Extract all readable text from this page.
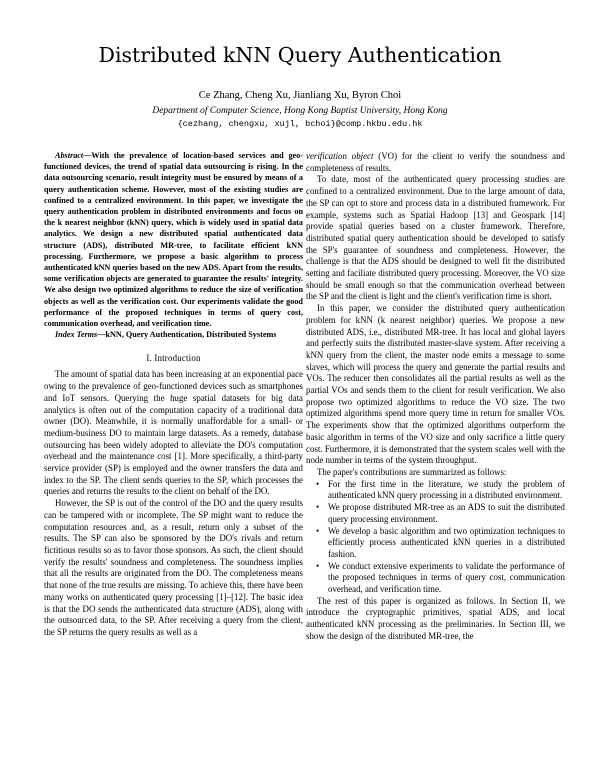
Distributed kNN Query Authentication
Ce Zhang, Cheng Xu, Jianliang Xu, Byron Choi
Department of Computer Science, Hong Kong Baptist University, Hong Kong
{cezhang, chengxu, xujl, bchoi}@comp.hkbu.edu.hk

Abstract—With the prevalence of location-based services and geo-functioned devices, the trend of spatial data outsourcing is rising. In the data outsourcing scenario, result integrity must be ensured by means of a query authentication scheme. However, most of the existing studies are confined to a centralized environment. In this paper, we investigate the query authentication problem in distributed environments and focus on the k nearest neighbor (kNN) query, which is widely used in spatial data analytics. We design a new distributed spatial authenticated data structure (ADS), distributed MR-tree, to facilitate efficient kNN processing. Furthermore, we propose a basic algorithm to process authenticated kNN queries based on the new ADS. Apart from the results, some verification objects are generated to guarantee the results' integrity. We also design two optimized algorithms to reduce the size of verification objects as well as the verification cost. Our experiments validate the good performance of the proposed techniques in terms of query cost, communication overhead, and verification time.

Index Terms—kNN, Query Authentication, Distributed Systems

I. Introduction

The amount of spatial data has been increasing at an exponential pace owing to the prevalence of geo-functioned devices such as smartphones and IoT sensors. Querying the huge spatial datasets for big data analytics is often out of the computation capacity of a traditional data owner (DO). Meanwhile, it is normally unaffordable for a small- or medium-business DO to maintain large datasets. As a remedy, database outsourcing has been widely adopted to alleviate the DO's computation overhead and the maintenance cost [1]. More specifically, a third-party service provider (SP) is employed and the owner transfers the data and index to the SP. The client sends queries to the SP, which processes the queries and returns the results to the client on behalf of the DO.

However, the SP is out of the control of the DO and the query results can be tampered with or incomplete. The SP might want to reduce the computation resources and, as a result, return only a subset of the results. The SP can also be sponsored by the DO's rivals and return fictitious results so as to favor those sponsors. As such, the client should verify the results' soundness and completeness. The soundness implies that all the results are originated from the DO. The completeness means that none of the true results are missing. To achieve this, there have been many works on authenticated query processing [1]–[12]. The basic idea is that the DO sends the authenticated data structure (ADS), along with the outsourced data, to the SP. After receiving a query from the client, the SP returns the query results as well as a

verification object (VO) for the client to verify the soundness and completeness of results.

To date, most of the authenticated query processing studies are confined to a centralized environment. Due to the large amount of data, the SP can opt to store and process data in a distributed framework. For example, systems such as Spatial Hadoop [13] and Geospark [14] provide spatial queries based on a cluster framework. Therefore, distributed spatial query authentication should be developed to satisfy the SP's guarantee of soundness and completeness. However, the challenge is that the ADS should be designed to well fit the distributed setting and faciliate distributed query processing. Moreover, the VO size should be small enough so that the communication overhead between the SP and the client is light and the client's verification time is short.

In this paper, we consider the distributed query authentication problem for kNN (k nearest neighbor) queries. We propose a new distributed ADS, i.e., distributed MR-tree. It has local and global layers and perfectly suits the distributed master-slave system. After receiving a kNN query from the client, the master node emits a message to some slaves, which will process the query and generate the partial results and VOs. The reducer then consolidates all the partial results as well as the partial VOs and sends them to the client for result verification. We also propose two optimized algorithms to reduce the VO size. The two optimized algorithms spend more query time in return for smaller VOs. The experiments show that the optimized algorithms outperform the basic algorithm in terms of the VO size and only sacrifice a little query cost. Furthermore, it is demonstrated that the system scales well with the node number in terms of the system throughput.

The paper's contributions are summarized as follows:

• For the first time in the literature, we study the problem of authenticated kNN query processing in a distributed environment.
• We propose distributed MR-tree as an ADS to suit the distributed query processing environment.
• We develop a basic algorithm and two optimization techniques to efficiently process authenticated kNN queries in a distributed fashion.
• We conduct extensive experiments to validate the performance of the proposed techniques in terms of query cost, communication overhead, and verification time.

The rest of this paper is organized as follows. In Section II, we introduce the cryptographic primitives, spatial ADS, and local authenticated kNN processing as the preliminaries. In Section III, we show the design of the distributed MR-tree, the
